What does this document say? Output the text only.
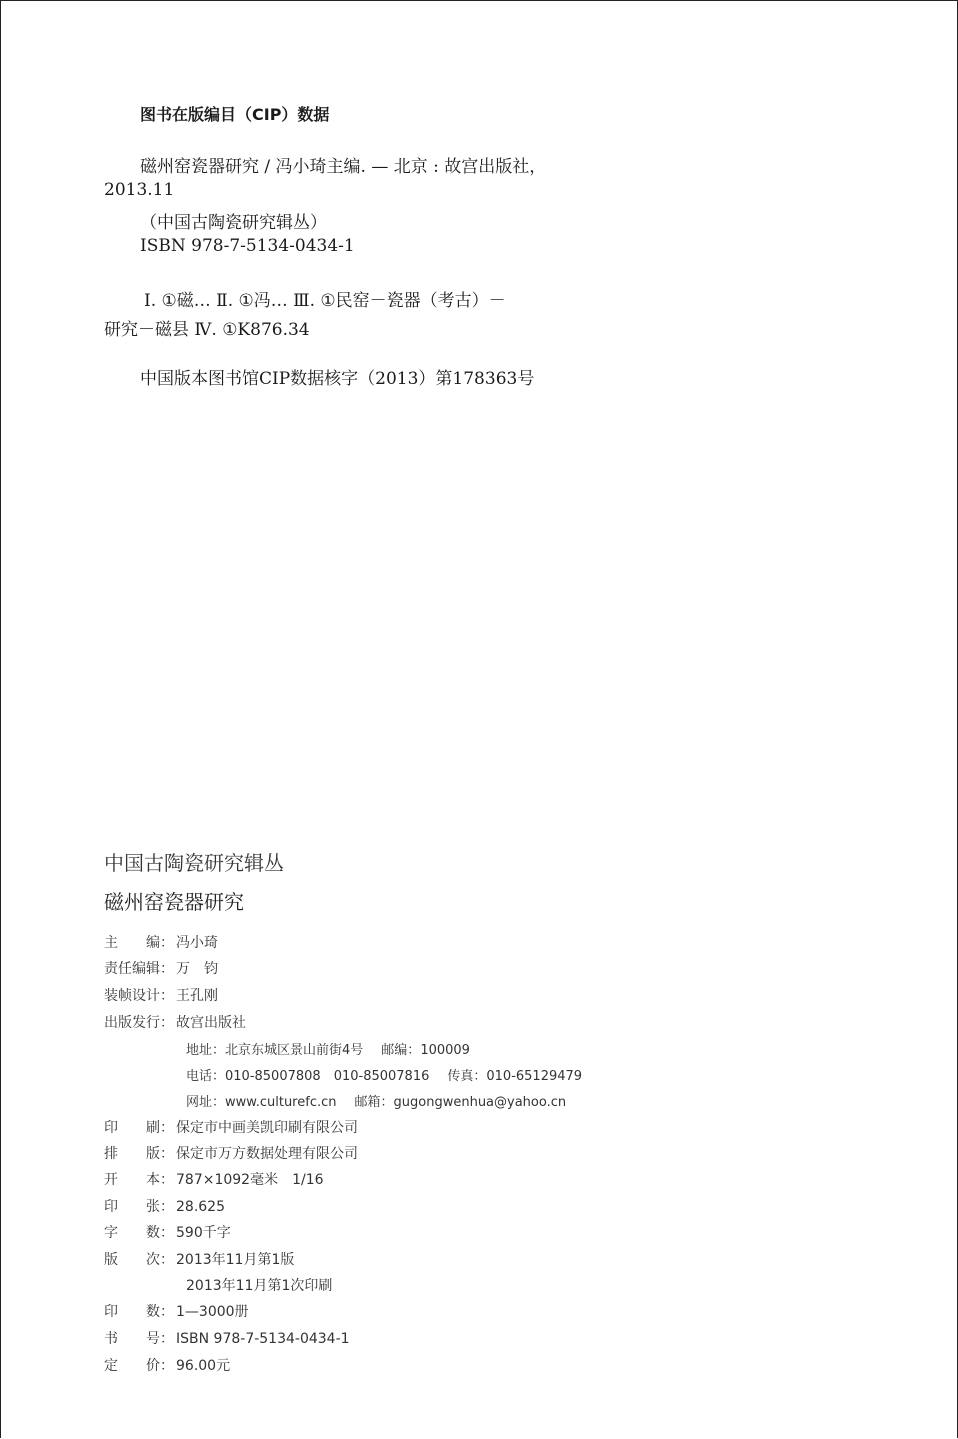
图书在版编目（CIP）数据
磁州窑瓷器研究 / 冯小琦主编. — 北京 : 故宫出版社，
2013.11
（中国古陶瓷研究辑丛）
ISBN 978-7-5134-0434-1
Ⅰ. ①磁… Ⅱ. ①冯… Ⅲ. ①民窑－瓷器（考古）－
研究－磁县 Ⅳ. ①K876.34
中国版本图书馆CIP数据核字（2013）第178363号
中国古陶瓷研究辑丛
磁州窑瓷器研究
主　　编： 冯小琦
责任编辑： 万　钧
装帧设计： 王孔刚
出版发行： 故宫出版社
地址：北京东城区景山前街4号 邮编：100009
电话：010-85007808　010-85007816 传真：010-65129479
网址：www.culturefc.cn 邮箱：gugongwenhua@yahoo.cn
印　　刷： 保定市中画美凯印刷有限公司
排　　版： 保定市万方数据处理有限公司
开　　本： 787×1092毫米　1/16
印　　张： 28.625
字　　数： 590千字
版　　次： 2013年11月第1版
2013年11月第1次印刷
印　　数： 1—3000册
书　　号： ISBN 978-7-5134-0434-1
定　　价： 96.00元
